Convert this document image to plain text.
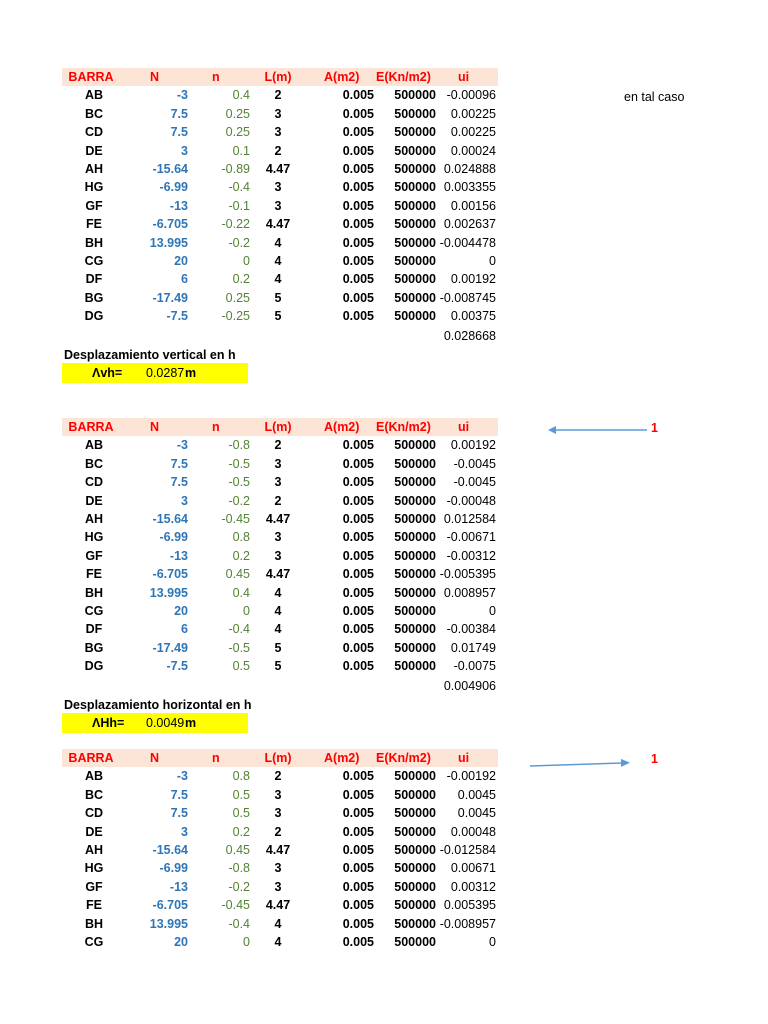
BARRA	N	n	L(m)	A(m2) E(Kn/m2) ui
AB	-3	0.4	2	0.005 500000 -0.00096
BC	7.5	0.25	3	0.005 500000 0.00225
CD	7.5	0.25	3	0.005 500000 0.00225
DE	3	0.1	2	0.005 500000 0.00024
AH	-15.64	-0.89	4.47	0.005 500000 0.024888
HG	-6.99	-0.4	3	0.005 500000 0.003355
GF	-13	-0.1	3	0.005 500000 0.00156
FE	-6.705	-0.22	4.47	0.005 500000 0.002637
BH	13.995	-0.2	4	0.005 500000 -0.004478
CG	20	0	4	0.005 500000	0
DF	6	0.2	4	0.005 500000 0.00192
BG	-17.49	0.25	5	0.005 500000 -0.008745
DG	-7.5	-0.25	5	0.005 500000 0.00375
0.028668
Desplazamiento vertical en h
Λvh= 0.0287 m
en tal caso
BARRA	N	n	L(m)	A(m2) E(Kn/m2) ui
AB	-3	-0.8	2	0.005 500000 0.00192
BC	7.5	-0.5	3	0.005 500000 -0.0045
CD	7.5	-0.5	3	0.005 500000 -0.0045
DE	3	-0.2	2	0.005 500000 -0.00048
AH	-15.64	-0.45	4.47	0.005 500000 0.012584
HG	-6.99	0.8	3	0.005 500000 -0.00671
GF	-13	0.2	3	0.005 500000 -0.00312
FE	-6.705	0.45	4.47	0.005 500000 -0.005395
BH	13.995	0.4	4	0.005 500000 0.008957
CG	20	0	4	0.005 500000	0
DF	6	-0.4	4	0.005 500000 -0.00384
BG	-17.49	-0.5	5	0.005 500000 0.01749
DG	-7.5	0.5	5	0.005 500000 -0.0075
0.004906
Desplazamiento horizontal en h
ΛHh= 0.0049 m
1
BARRA	N	n	L(m)	A(m2) E(Kn/m2) ui
AB	-3	0.8	2	0.005 500000 -0.00192
BC	7.5	0.5	3	0.005 500000 0.0045
CD	7.5	0.5	3	0.005 500000 0.0045
DE	3	0.2	2	0.005 500000 0.00048
AH	-15.64	0.45	4.47	0.005 500000 -0.012584
HG	-6.99	-0.8	3	0.005 500000 0.00671
GF	-13	-0.2	3	0.005 500000 0.00312
FE	-6.705	-0.45	4.47	0.005 500000 0.005395
BH	13.995	-0.4	4	0.005 500000 -0.008957
CG	20	0	4	0.005 500000	0
1
